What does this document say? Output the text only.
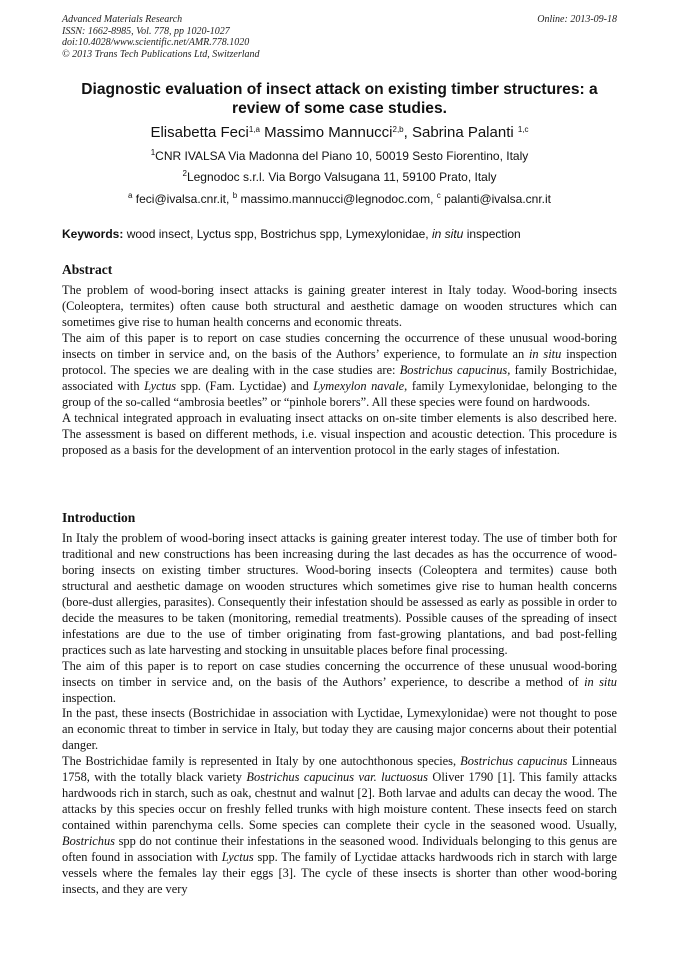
Advanced Materials Research
ISSN: 1662-8985, Vol. 778, pp 1020-1027
doi:10.4028/www.scientific.net/AMR.778.1020
© 2013 Trans Tech Publications Ltd, Switzerland
Online: 2013-09-18
Diagnostic evaluation of insect attack on existing timber structures: a review of some case studies.
Elisabetta Feci$^{1,a}$ Massimo Mannucci$^{2,b}$, Sabrina Palanti $^{1,c}$
$^1$CNR IVALSA Via Madonna del Piano 10, 50019 Sesto Fiorentino, Italy
$^2$Legnodoc s.r.l. Via Borgo Valsugana 11, 59100 Prato, Italy
$^a$ feci@ivalsa.cnr.it, $^b$ massimo.mannucci@legnodoc.com, $^c$ palanti@ivalsa.cnr.it
Keywords: wood insect, Lyctus spp, Bostrichus spp, Lymexylonidae, in situ inspection
Abstract

The problem of wood-boring insect attacks is gaining greater interest in Italy today. Wood-boring insects (Coleoptera, termites) often cause both structural and aesthetic damage on wooden structures which can sometimes give rise to human health concerns and economic threats.

The aim of this paper is to report on case studies concerning the occurrence of these unusual wood-boring insects on timber in service and, on the basis of the Authors’ experience, to formulate an in situ inspection protocol. The species we are dealing with in the case studies are: Bostrichus capucinus, family Bostrichidae, associated with Lyctus spp. (Fam. Lyctidae) and Lymexylon navale, family Lymexylonidae, belonging to the group of the so-called “ambrosia beetles” or “pinhole borers”. All these species were found on hardwoods.

A technical integrated approach in evaluating insect attacks on on-site timber elements is also described here. The assessment is based on different methods, i.e. visual inspection and acoustic detection. This procedure is proposed as a basis for the development of an intervention protocol in the early stages of infestation.

Introduction

In Italy the problem of wood-boring insect attacks is gaining greater interest today. The use of timber both for traditional and new constructions has been increasing during the last decades as has the occurrence of wood-boring insects on existing timber structures. Wood-boring insects (Coleoptera and termites) cause both structural and aesthetic damage on wooden structures which sometimes give rise to human health concerns (bore-dust allergies, parasites). Consequently their infestation should be assessed as early as possible in order to decide the measures to be taken (monitoring, remedial treatments). Possible causes of the spreading of insect infestations are due to the use of timber originating from fast-growing plantations, and bad post-felling practices such as late harvesting and stocking in unsuitable places before final processing.

The aim of this paper is to report on case studies concerning the occurrence of these unusual wood-boring insects on timber in service and, on the basis of the Authors’ experience, to describe a method of in situ inspection.

In the past, these insects (Bostrichidae in association with Lyctidae, Lymexylonidae) were not thought to pose an economic threat to timber in service in Italy, but today they are causing major concerns about their potential danger.

The Bostrichidae family is represented in Italy by one autochthonous species, Bostrichus capucinus Linneaus 1758, with the totally black variety Bostrichus capucinus var. luctuosus Oliver 1790 [1]. This family attacks hardwoods rich in starch, such as oak, chestnut and walnut [2]. Both larvae and adults can decay the wood. The attacks by this species occur on freshly felled trunks with high moisture content. These insects feed on starch contained within parenchyma cells. Some species can complete their cycle in the seasoned wood. Usually, Bostrichus spp do not continue their infestations in the seasoned wood. Individuals belonging to this genus are often found in association with Lyctus spp. The family of Lyctidae attacks hardwoods rich in starch with large vessels where the females lay their eggs [3]. The cycle of these insects is shorter than other wood-boring insects, and they are very
